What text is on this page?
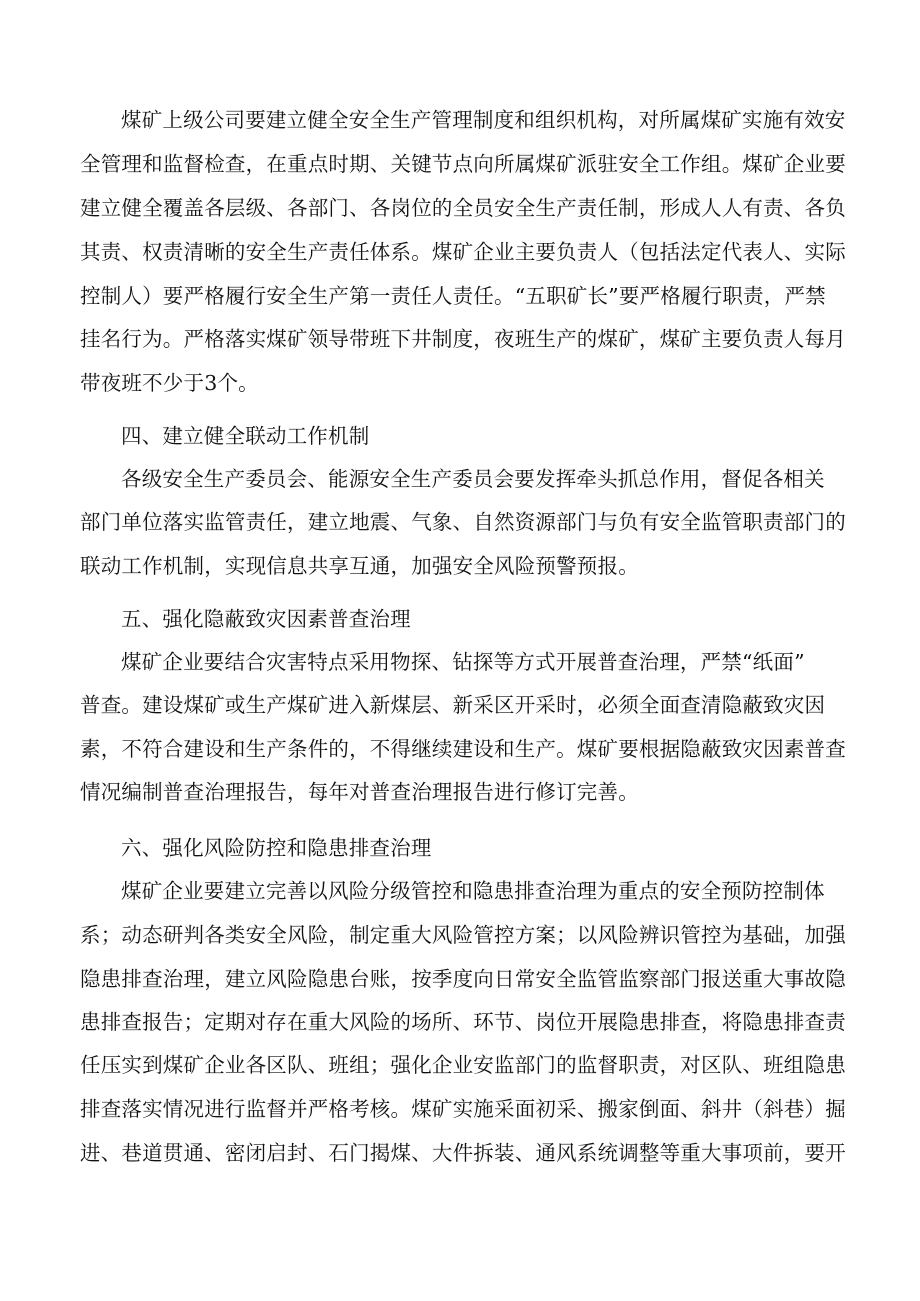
煤矿上级公司要建立健全安全生产管理制度和组织机构，对所属煤矿实施有效安
全管理和监督检查，在重点时期、关键节点向所属煤矿派驻安全工作组。煤矿企业要
建立健全覆盖各层级、各部门、各岗位的全员安全生产责任制，形成人人有责、各负
其责、权责清晰的安全生产责任体系。煤矿企业主要负责人（包括法定代表人、实际
控制人）要严格履行安全生产第一责任人责任。“五职矿长”要严格履行职责，严禁
挂名行为。严格落实煤矿领导带班下井制度，夜班生产的煤矿，煤矿主要负责人每月
带夜班不少于3个。
四、建立健全联动工作机制
各级安全生产委员会、能源安全生产委员会要发挥牵头抓总作用，督促各相关
部门单位落实监管责任，建立地震、气象、自然资源部门与负有安全监管职责部门的
联动工作机制，实现信息共享互通，加强安全风险预警预报。
五、强化隐蔽致灾因素普查治理
煤矿企业要结合灾害特点采用物探、钻探等方式开展普查治理，严禁“纸面”
普查。建设煤矿或生产煤矿进入新煤层、新采区开采时，必须全面查清隐蔽致灾因
素，不符合建设和生产条件的，不得继续建设和生产。煤矿要根据隐蔽致灾因素普查
情况编制普查治理报告，每年对普查治理报告进行修订完善。
六、强化风险防控和隐患排查治理
煤矿企业要建立完善以风险分级管控和隐患排查治理为重点的安全预防控制体
系；动态研判各类安全风险，制定重大风险管控方案；以风险辨识管控为基础，加强
隐患排查治理，建立风险隐患台账，按季度向日常安全监管监察部门报送重大事故隐
患排查报告；定期对存在重大风险的场所、环节、岗位开展隐患排查，将隐患排查责
任压实到煤矿企业各区队、班组；强化企业安监部门的监督职责，对区队、班组隐患
排查落实情况进行监督并严格考核。煤矿实施采面初采、搬家倒面、斜井（斜巷）掘
进、巷道贯通、密闭启封、石门揭煤、大件拆装、通风系统调整等重大事项前，要开
